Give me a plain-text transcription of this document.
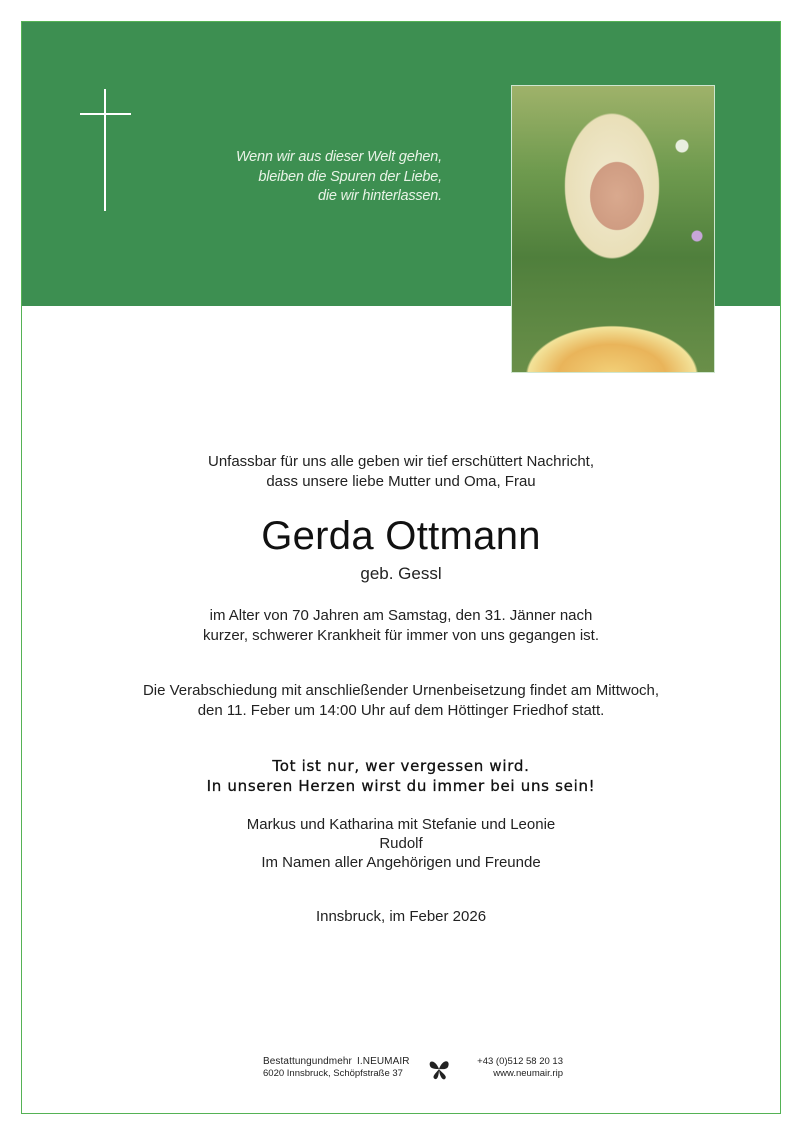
Wenn wir aus dieser Welt gehen,
bleiben die Spuren der Liebe,
die wir hinterlassen.
Unfassbar für uns alle geben wir tief erschüttert Nachricht,
dass unsere liebe Mutter und Oma, Frau
Gerda Ottmann
geb. Gessl
im Alter von 70 Jahren am Samstag, den 31. Jänner nach
kurzer, schwerer Krankheit für immer von uns gegangen ist.
Die Verabschiedung mit anschließender Urnenbeisetzung findet am Mittwoch,
den 11. Feber um 14:00 Uhr auf dem Höttinger Friedhof statt.
Tot ist nur, wer vergessen wird.
In unseren Herzen wirst du immer bei uns sein!
Markus und Katharina mit Stefanie und Leonie
Rudolf
Im Namen aller Angehörigen und Freunde
Innsbruck, im Feber 2026
Bestattungundmehr I.NEUMAIR
6020 Innsbruck, Schöpfstraße 37
+43 (0)512 58 20 13
www.neumair.rip
